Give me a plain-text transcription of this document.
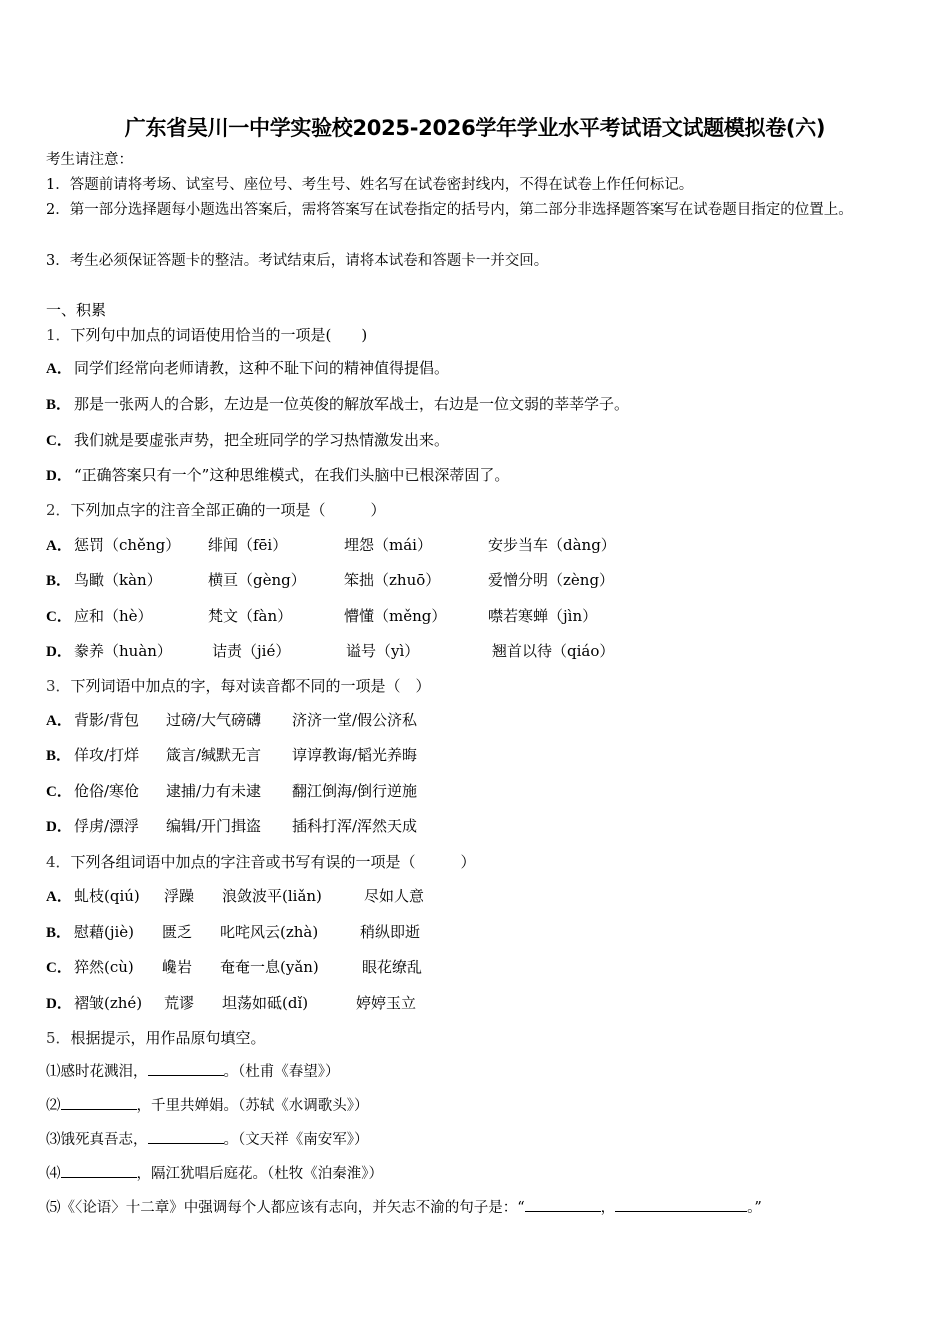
广东省吴川一中学实验校2025-2026学年学业水平考试语文试题模拟卷(六)
考生请注意：
1．答题前请将考场、试室号、座位号、考生号、姓名写在试卷密封线内，不得在试卷上作任何标记。
2．第一部分选择题每小题选出答案后，需将答案写在试卷指定的括号内，第二部分非选择题答案写在试卷题目指定的位置上。
3．考生必须保证答题卡的整洁。考试结束后，请将本试卷和答题卡一并交回。
一、积累
1．下列句中加点的词语使用恰当的一项是(　　)
A． 同学们经常向老师请教，这种不耻下问的精神值得提倡。
B． 那是一张两人的合影，左边是一位英俊的解放军战士，右边是一位文弱的莘莘学子。
C． 我们就是要虚张声势，把全班同学的学习热情激发出来。
D． “正确答案只有一个”这种思维模式，在我们头脑中已根深蒂固了。
2．下列加点字的注音全部正确的一项是（　　　）
A． 惩罚（chěng） 绯闻（fēi）	埋怨（mái）	安步当车（dàng）
B． 鸟瞰（kàn）	横亘（gèng）	笨拙（zhuō）	爱憎分明（zèng）
C． 应和（hè）	梵文（fàn）	懵懂（měng）	噤若寒蝉（jìn）
D． 豢养（huàn）	诘责（jié）	谥号（yì）	翘首以待（qiáo）
3．下列词语中加点的字，每对读音都不同的一项是（　）
A． 背影/背包 过磅/大气磅礴 济济一堂/假公济私
B． 佯攻/打烊 箴言/缄默无言 谆谆教诲/韬光养晦
C． 伧俗/寒伧 逮捕/力有未逮 翻江倒海/倒行逆施
D． 俘虏/漂浮 编辑/开门揖盗 插科打浑/浑然天成
4．下列各组词语中加点的字注音或书写有误的一项是（　　　）
A． 虬枝(qiú) 浮躁 浪敛波平(liǎn)	尽如人意
B． 慰藉(jiè) 匮乏 叱咤风云(zhà)	稍纵即逝
C． 猝然(cù) 巉岩 奄奄一息(yǎn)	眼花缭乱
D． 褶皱(zhé) 荒谬 坦荡如砥(dǐ)	婷婷玉立
5．根据提示，用作品原句填空。
⑴感时花溅泪，	。（杜甫《春望》）
⑵	，千里共婵娟。（苏轼《水调歌头》）
⑶饿死真吾志，	。（文天祥《南安军》）
⑷	，隔江犹唱后庭花。（杜牧《泊秦淮》）
⑸《〈论语〉十二章》中强调每个人都应该有志向，并矢志不渝的句子是：“	，	。”
